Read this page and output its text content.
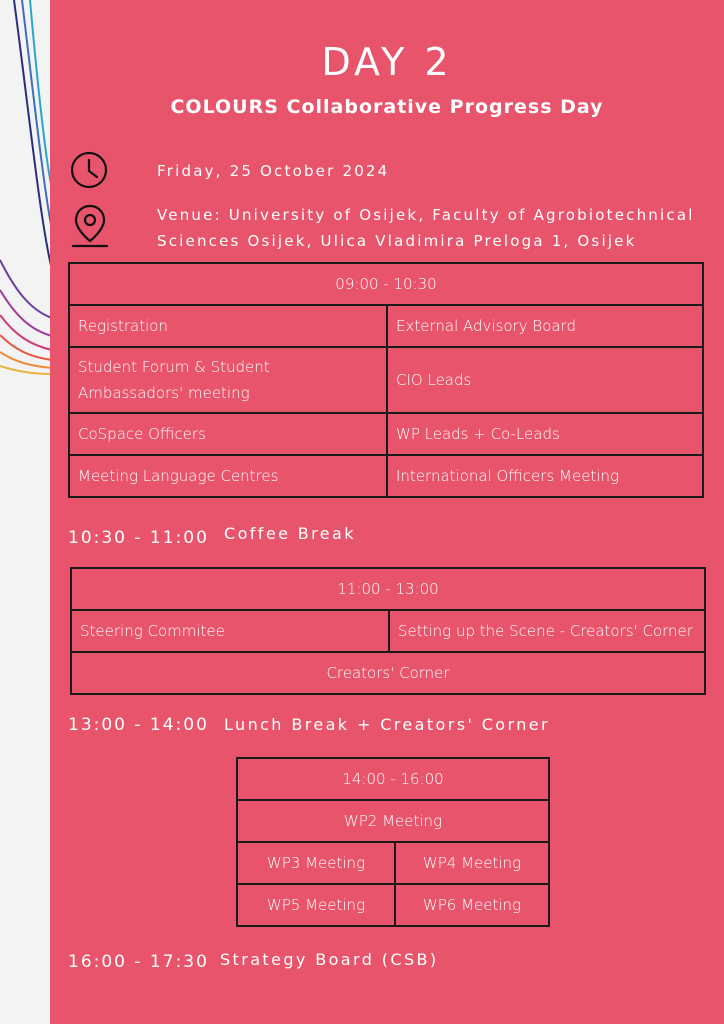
DAY 2
COLOURS Collaborative Progress Day
Friday, 25 October 2024
Venue: University of Osijek, Faculty of Agrobiotechnical
Sciences Osijek, Ulica Vladimira Preloga 1, Osijek
09:00 - 10:30	
Registration	External Advisory Board
Student Forum & Student Ambassadors' meeting	CIO Leads
CoSpace Officers	WP Leads + Co-Leads
Meeting Language Centres	International Officers Meeting
10:30 - 11:00 Coffee Break
11:00 - 13:00
Steering Commitee	Setting up the Scene - Creators' Corner
Creators' Corner
13:00 - 14:00 Lunch Break + Creators' Corner
14:00 - 16:00	
WP2 Meeting	
WP3 Meeting	WP4 Meeting
WP5 Meeting	WP6 Meeting
16:00 - 17:30 Strategy Board (CSB)
